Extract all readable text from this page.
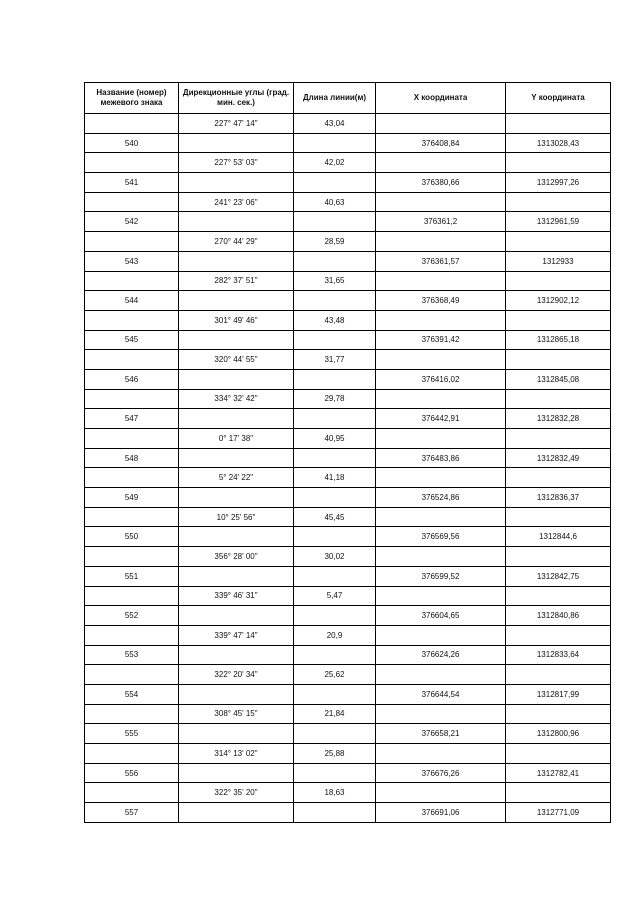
Название (номер) межевого знака	Дирекционные углы (град. мин. сек.)	Длина линии(м)	X координата	Y координата
	227° 47' 14"	43,04		
540			376408,84	1313028,43
	227° 53' 03"	42,02		
541			376380,66	1312997,26
	241° 23' 06"	40,63		
542			376361,2	1312961,59
	270° 44' 29"	28,59		
543			376361,57	1312933
	282° 37' 51"	31,65		
544			376368,49	1312902,12
	301° 49' 46"	43,48		
545			376391,42	1312865,18
	320° 44' 55"	31,77		
546			376416,02	1312845,08
	334° 32' 42"	29,78		
547			376442,91	1312832,28
	0° 17' 38"	40,95		
548			376483,86	1312832,49
	5° 24' 22"	41,18		
549			376524,86	1312836,37
	10° 25' 56"	45,45		
550			376569,56	1312844,6
	356° 28' 00"	30,02		
551			376599,52	1312842,75
	339° 46' 31"	5,47		
552			376604,65	1312840,86
	339° 47' 14"	20,9		
553			376624,26	1312833,64
	322° 20' 34"	25,62		
554			376644,54	1312817,99
	308° 45' 15"	21,84		
555			376658,21	1312800,96
	314° 13' 02"	25,88		
556			376676,26	1312782,41
	322° 35' 20"	18,63		
557			376691,06	1312771,09
